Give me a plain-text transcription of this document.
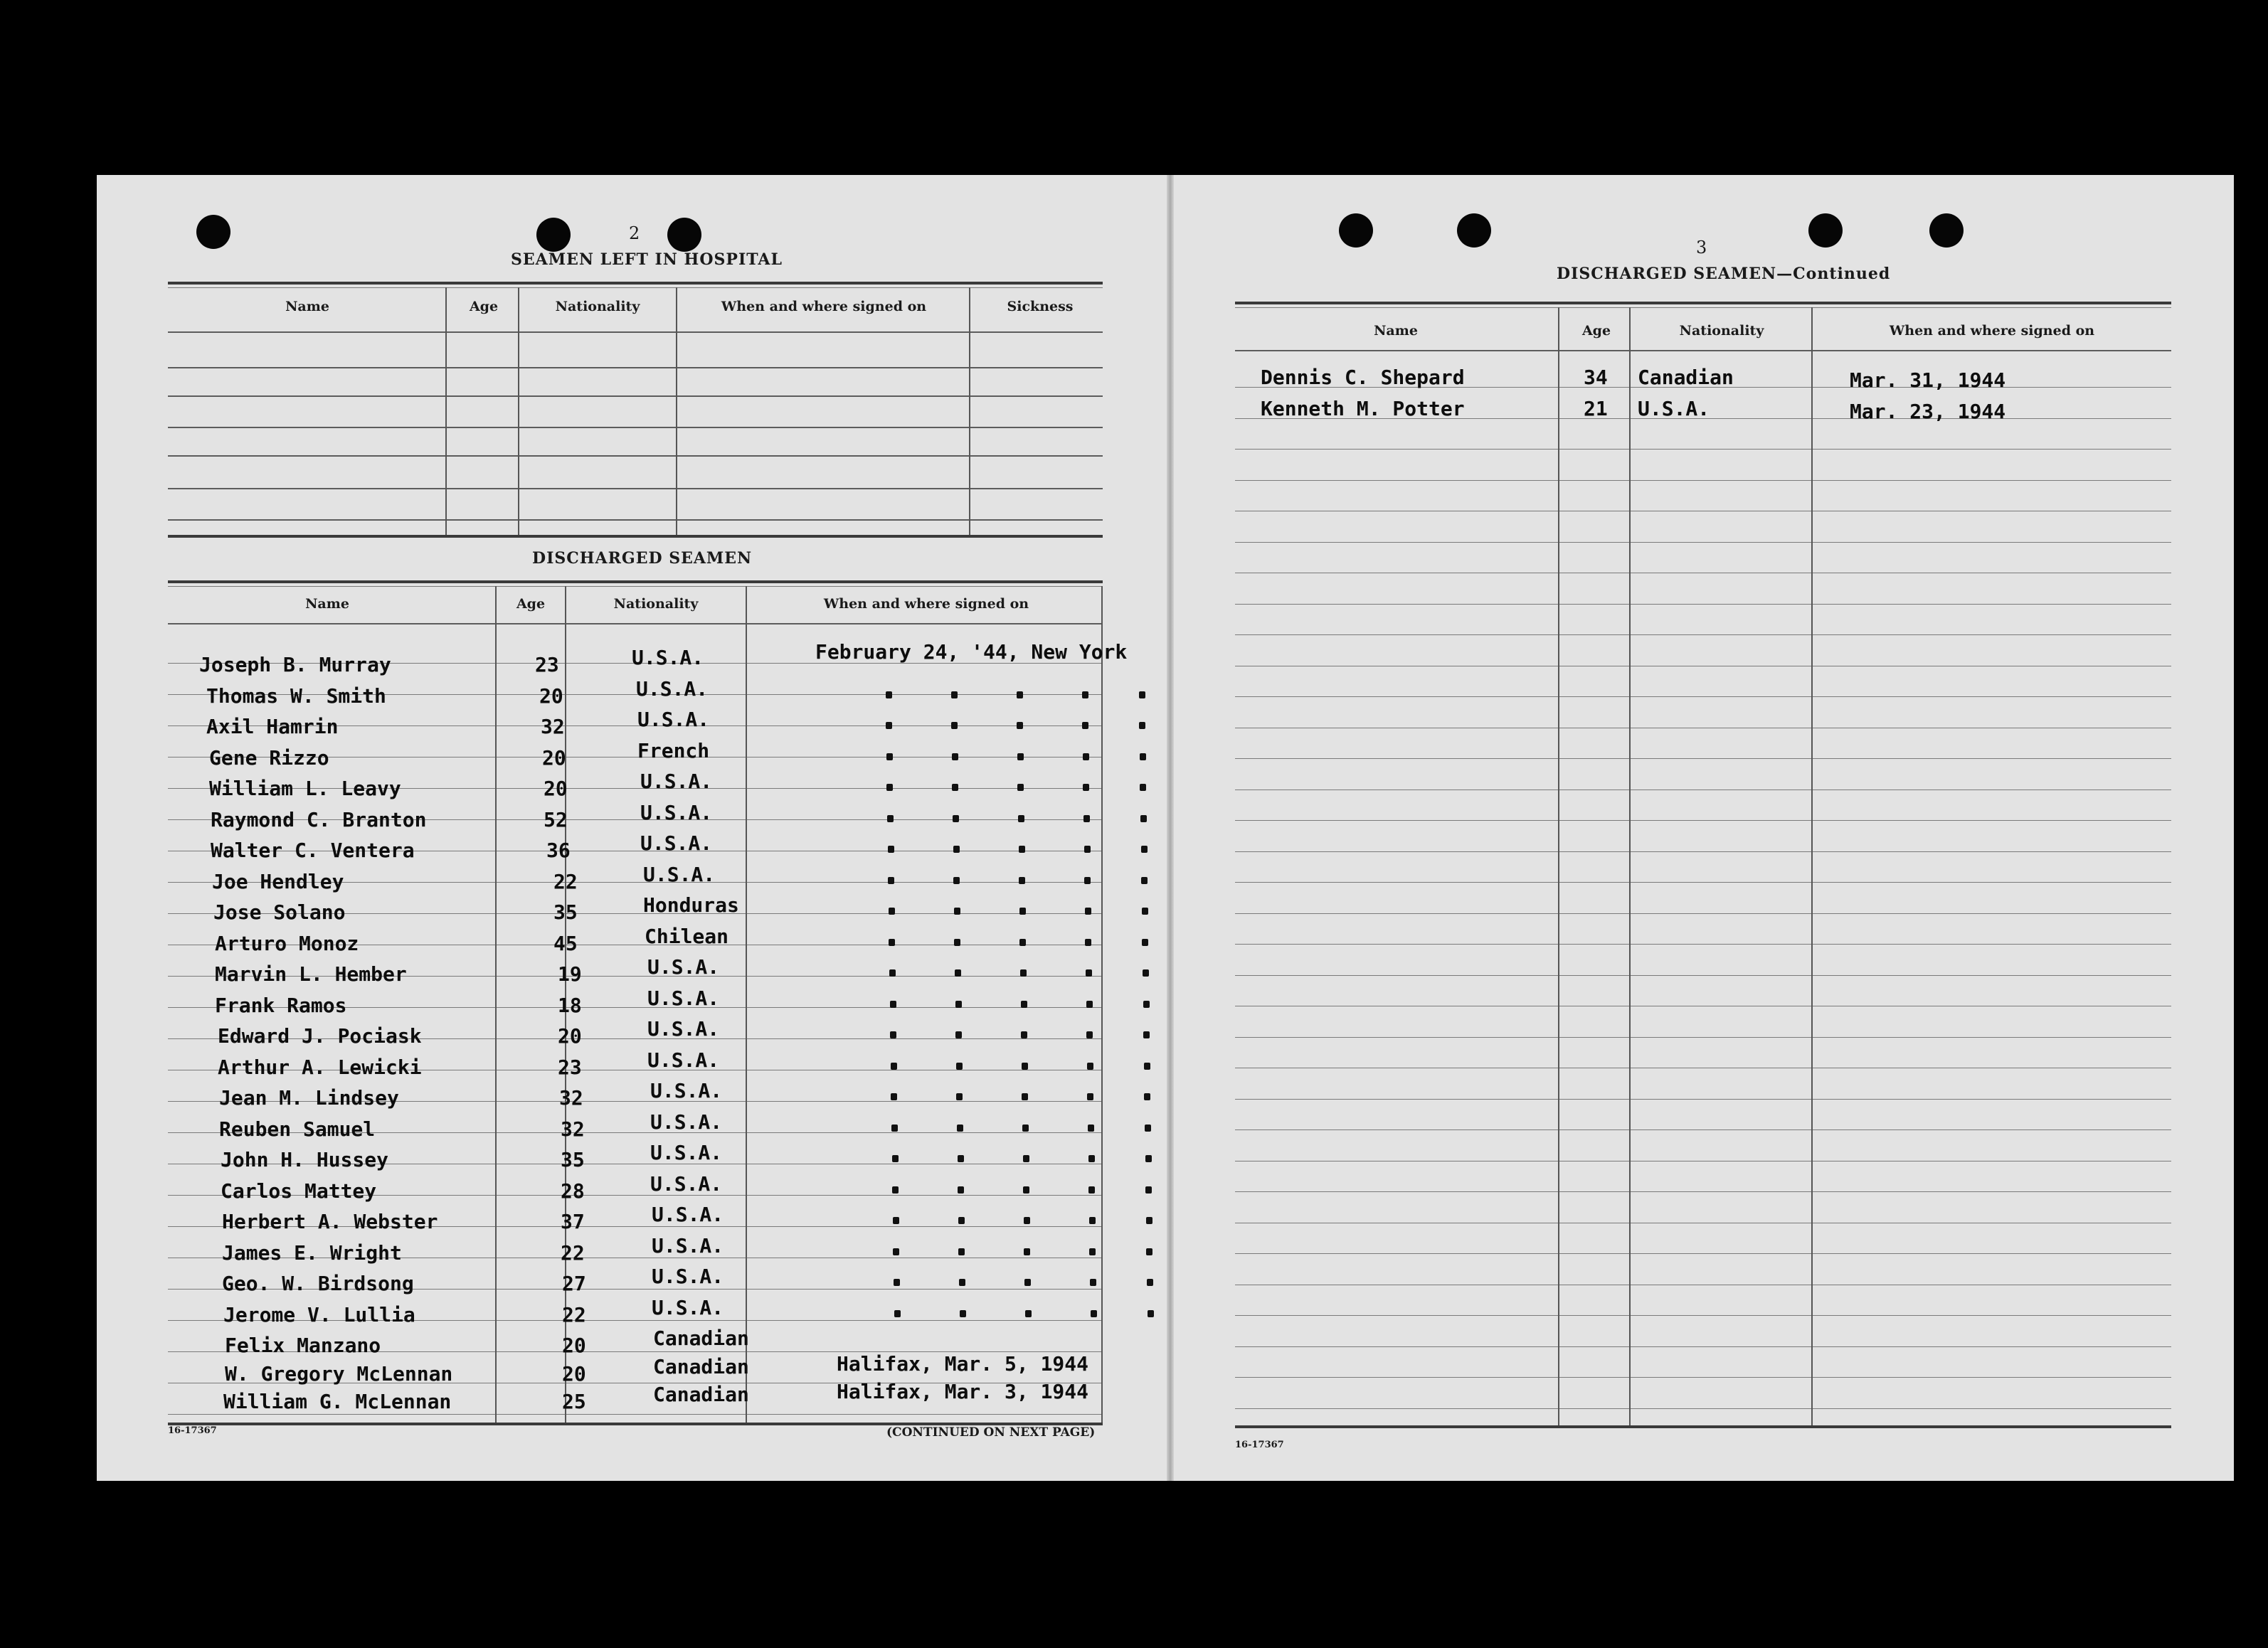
2
SEAMEN LEFT IN HOSPITAL
DISCHARGED SEAMEN
16-17367	(CONTINUED ON NEXT PAGE)
Name	Age	Nationality	When and where signed on	Sickness
Name	Age	Nationality	When and where signed on
3
DISCHARGED SEAMEN—Continued
16-17367
Name	Age	Nationality	When and where signed on
Joseph B. Murray	23	U.S.A.	February 24, '44, New York
Thomas W. Smith	20	U.S.A.
Axil Hamrin	32	U.S.A.
Gene Rizzo	20	French
William L. Leavy	20	U.S.A.
Raymond C. Branton	52	U.S.A.
Walter C. Ventera	36	U.S.A.
Joe Hendley	22	U.S.A.
Jose Solano	35	Honduras
Arturo Monoz	45	Chilean
Marvin L. Hember	19	U.S.A.
Frank Ramos	18	U.S.A.
Edward J. Pociask	20	U.S.A.
Arthur A. Lewicki	23	U.S.A.
Jean M. Lindsey	32	U.S.A.
Reuben Samuel	32	U.S.A.
John H. Hussey	35	U.S.A.
Carlos Mattey	28	U.S.A.
Herbert A. Webster	37	U.S.A.
James E. Wright	22	U.S.A.
Geo. W. Birdsong	27	U.S.A.
Jerome V. Lullia	22	U.S.A.
Felix Manzano	20	Canadian
W. Gregory McLennan	20	Canadian	Halifax, Mar. 5, 1944
William G. McLennan	25	Canadian	Halifax, Mar. 3, 1944
Dennis C. Shepard	34 Canadian	Mar. 31, 1944
Kenneth M. Potter	21 U.S.A.	Mar. 23, 1944
